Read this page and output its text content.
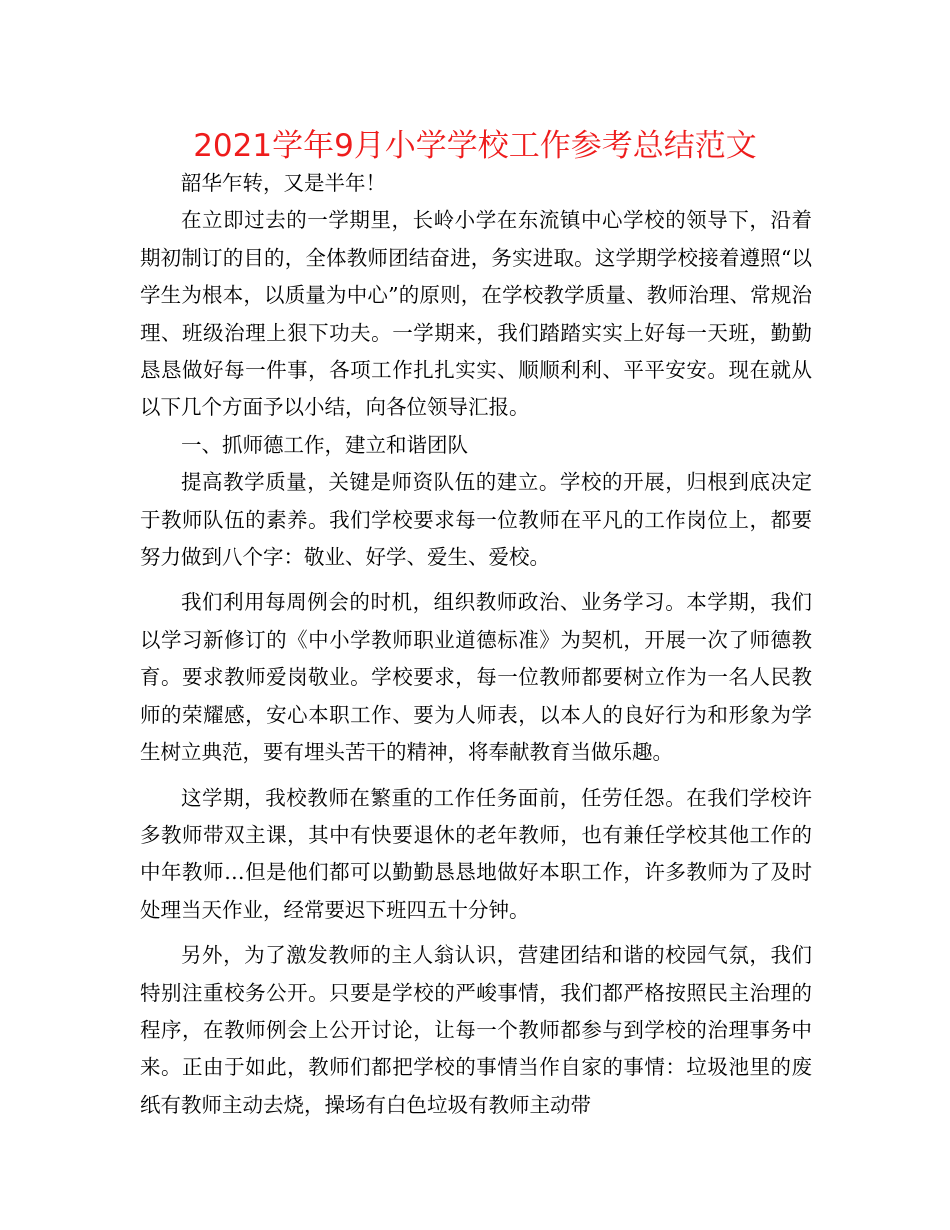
2021学年9月小学学校工作参考总结范文

韶华乍转，又是半年！

在立即过去的一学期里，长岭小学在东流镇中心学校的领导下，沿着期初制订的目的，全体教师团结奋进，务实进取。这学期学校接着遵照“以学生为根本，以质量为中心”的原则，在学校教学质量、教师治理、常规治理、班级治理上狠下功夫。一学期来，我们踏踏实实上好每一天班，勤勤恳恳做好每一件事，各项工作扎扎实实、顺顺利利、平平安安。现在就从以下几个方面予以小结，向各位领导汇报。

一、抓师德工作，建立和谐团队

提高教学质量，关键是师资队伍的建立。学校的开展，归根到底决定于教师队伍的素养。我们学校要求每一位教师在平凡的工作岗位上，都要努力做到八个字：敬业、好学、爱生、爱校。

我们利用每周例会的时机，组织教师政治、业务学习。本学期，我们以学习新修订的《中小学教师职业道德标准》为契机，开展一次了师德教育。要求教师爱岗敬业。学校要求，每一位教师都要树立作为一名人民教师的荣耀感，安心本职工作、要为人师表，以本人的良好行为和形象为学生树立典范，要有埋头苦干的精神，将奉献教育当做乐趣。

这学期，我校教师在繁重的工作任务面前，任劳任怨。在我们学校许多教师带双主课，其中有快要退休的老年教师，也有兼任学校其他工作的中年教师…但是他们都可以勤勤恳恳地做好本职工作，许多教师为了及时处理当天作业，经常要迟下班四五十分钟。

另外，为了激发教师的主人翁认识，营建团结和谐的校园气氛，我们特别注重校务公开。只要是学校的严峻事情，我们都严格按照民主治理的程序，在教师例会上公开讨论，让每一个教师都参与到学校的治理事务中来。正由于如此，教师们都把学校的事情当作自家的事情：垃圾池里的废纸有教师主动去烧，操场有白色垃圾有教师主动带
